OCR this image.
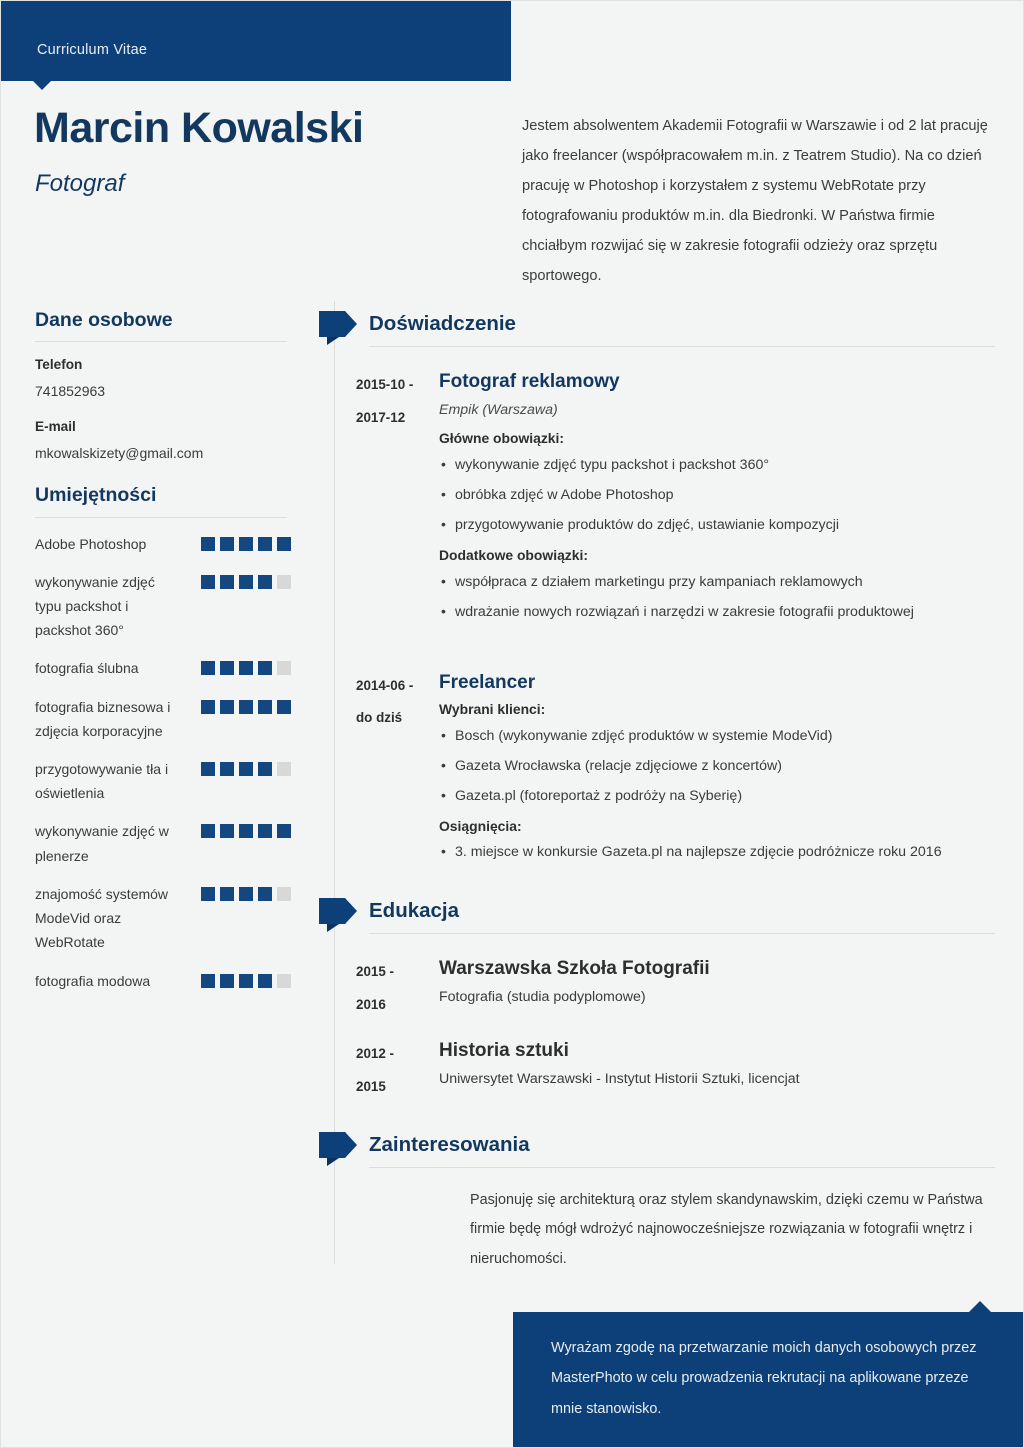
Curriculum Vitae
Marcin Kowalski
Fotograf
Jestem absolwentem Akademii Fotografii w Warszawie i od 2 lat pracuję jako freelancer (współpracowałem m.in. z Teatrem Studio). Na co dzień pracuję w Photoshop i korzystałem z systemu WebRotate przy fotografowaniu produktów m.in. dla Biedronki. W Państwa firmie chciałbym rozwijać się w zakresie fotografii odzieży oraz sprzętu sportowego.
Dane osobowe
Telefon
741852963
E-mail
mkowalskizety@gmail.com
Umiejętności
Adobe Photoshop
wykonywanie zdjęć typu packshot i packshot 360°
fotografia ślubna
fotografia biznesowa i zdjęcia korporacyjne
przygotowywanie tła i oświetlenia
wykonywanie zdjęć w plenerze
znajomość systemów ModeVid oraz WebRotate
fotografia modowa
Doświadczenie
2015-10 -
2017-12
Fotograf reklamowy
Empik (Warszawa)
Główne obowiązki:
• wykonywanie zdjęć typu packshot i packshot 360°
• obróbka zdjęć w Adobe Photoshop
• przygotowywanie produktów do zdjęć, ustawianie kompozycji
Dodatkowe obowiązki:
• współpraca z działem marketingu przy kampaniach reklamowych
• wdrażanie nowych rozwiązań i narzędzi w zakresie fotografii produktowej
2014-06 -
do dziś
Freelancer
Wybrani klienci:
• Bosch (wykonywanie zdjęć produktów w systemie ModeVid)
• Gazeta Wrocławska (relacje zdjęciowe z koncertów)
• Gazeta.pl (fotoreportaż z podróży na Syberię)
Osiągnięcia:
• 3. miejsce w konkursie Gazeta.pl na najlepsze zdjęcie podróżnicze roku 2016
Edukacja
2015 -
2016
Warszawska Szkoła Fotografii
Fotografia (studia podyplomowe)
2012 -
2015
Historia sztuki
Uniwersytet Warszawski - Instytut Historii Sztuki, licencjat
Zainteresowania
Pasjonuję się architekturą oraz stylem skandynawskim, dzięki czemu w Państwa firmie będę mógł wdrożyć najnowocześniejsze rozwiązania w fotografii wnętrz i nieruchomości.
Wyrażam zgodę na przetwarzanie moich danych osobowych przez MasterPhoto w celu prowadzenia rekrutacji na aplikowane przeze mnie stanowisko.
